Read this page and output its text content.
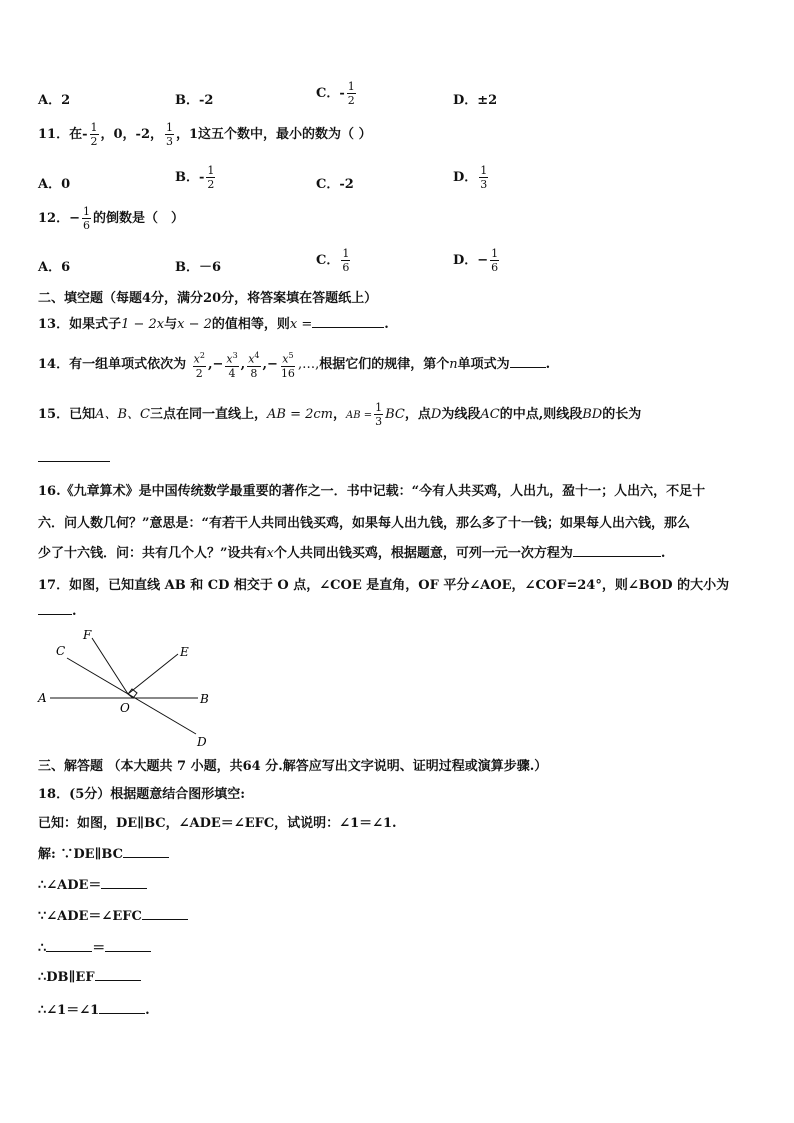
A．2	B．-2	C．- $\frac{1}{2}$	D．±2
11．在- $\frac{1}{2}$ ，0，-2， $\frac{1}{3}$ ，1这五个数中，最小的数为（ ）
A．0	B．- $\frac{1}{2}$	C．-2	D． $\frac{1}{3}$
12．− $\frac{1}{6}$ 的倒数是（　）
A．6	B．－6	C． $\frac{1}{6}$	D．− $\frac{1}{6}$
二、填空题（每题4分，满分20分，将答案填在答题纸上）
13．如果式子1 − 2x与x − 2的值相等，则x =	.
14．有一组单项式依次为 $\frac{x^2}{2}$ ,− $\frac{x^3}{4}$ , $\frac{x^4}{8}$ ,− $\frac{x^5}{16}$ ,…,根据它们的规律，第个n单项式为	.
15．已知A、B、C三点在同一直线上，AB = 2cm，AB = $\frac{1}{3}$ BC，点D为线段AC的中点,则线段BD的长为
16.《九章算术》是中国传统数学最重要的著作之一．书中记载：“今有人共买鸡，人出九，盈十一；人出六，不足十
六．问人数几何？”意思是：“有若干人共同出钱买鸡，如果每人出九钱，那么多了十一钱；如果每人出六钱，那么
少了十六钱．问：共有几个人？”设共有x个人共同出钱买鸡，根据题意，可列一元一次方程为	.
17．如图，已知直线 AB 和 CD 相交于 O 点，∠COE 是直角，OF 平分∠AOE，∠COF=24°，则∠BOD 的大小为
.
A	B
C
D
E
F
O
三、解答题 （本大题共 7 小题，共64 分.解答应写出文字说明、证明过程或演算步骤.）
18．(5分）根据题意结合图形填空:
已知：如图，DE∥BC，∠ADE＝∠EFC，试说明：∠1＝∠1.
解: ∵DE∥BC
∴∠ADE＝
∵∠ADE＝∠EFC
∴	＝
∴DB∥EF
∴∠1＝∠1	.
